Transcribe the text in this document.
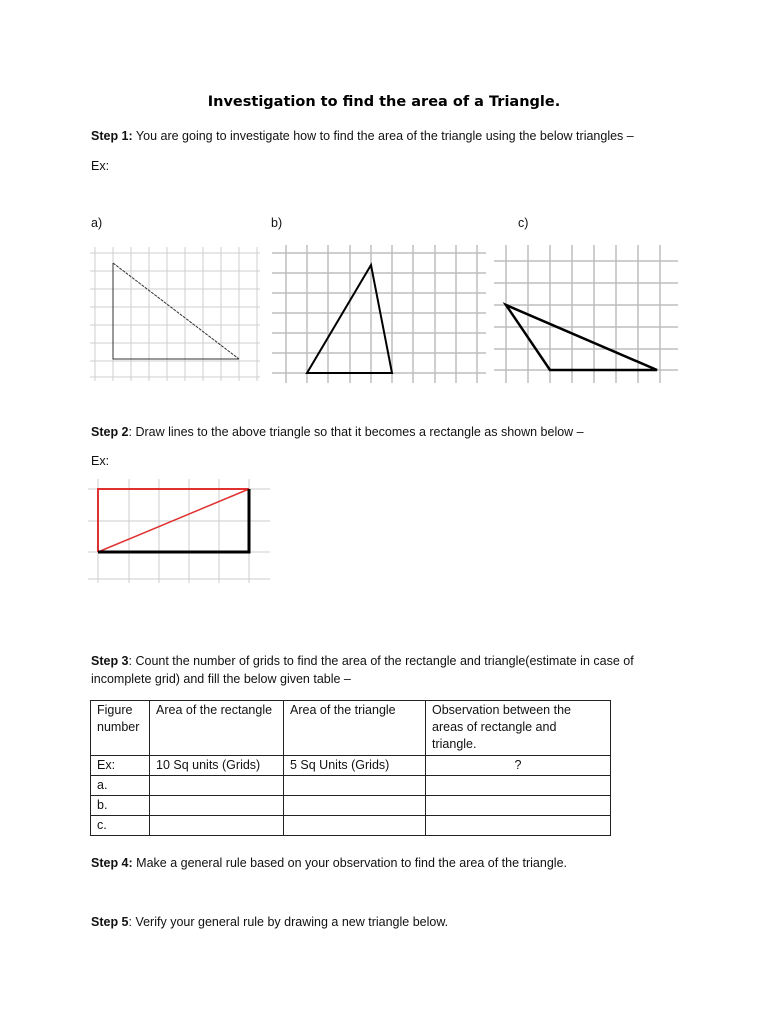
Investigation to find the area of a Triangle.
Step 1: You are going to investigate how to find the area of the triangle using the below triangles –
Ex:
a)	b)	c)
Step 2: Draw lines to the above triangle so that it becomes a rectangle as shown below –
Ex:
Step 3: Count the number of grids to find the area of the rectangle and triangle(estimate in case of
incomplete grid) and fill the below given table –
Figure number	Area of the rectangle	Area of the triangle	Observation between the areas of rectangle and triangle.
Ex:	10 Sq units (Grids)	5 Sq Units (Grids)	?
a.			
b.			
c.			
Step 4: Make a general rule based on your observation to find the area of the triangle.
Step 5: Verify your general rule by drawing a new triangle below.
